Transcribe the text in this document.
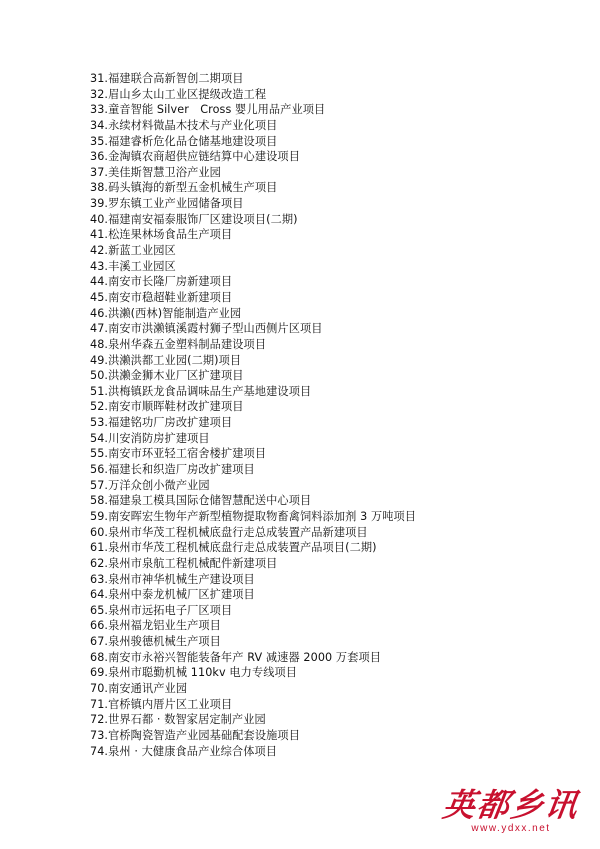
31.福建联合高新智创二期项目
32.眉山乡太山工业区提级改造工程
33.童音智能 Silver　Cross 婴儿用品产业项目
34.永续材料微晶木技术与产业化项目
35.福建睿析危化品仓储基地建设项目
36.金淘镇农商超供应链结算中心建设项目
37.美佳斯智慧卫浴产业园
38.码头镇海的新型五金机械生产项目
39.罗东镇工业产业园储备项目
40.福建南安福泰服饰厂区建设项目(二期)
41.松连果林场食品生产项目
42.新蓝工业园区
43.丰溪工业园区
44.南安市长隆厂房新建项目
45.南安市稳超鞋业新建项目
46.洪濑(西林)智能制造产业园
47.南安市洪濑镇溪霞村狮子型山西侧片区项目
48.泉州华森五金塑料制品建设项目
49.洪濑洪都工业园(二期)项目
50.洪濑金狮木业厂区扩建项目
51.洪梅镇跃龙食品调味品生产基地建设项目
52.南安市顺晖鞋材改扩建项目
53.福建铭功厂房改扩建项目
54.川安消防房扩建项目
55.南安市环亚轻工宿舍楼扩建项目
56.福建长和织造厂房改扩建项目
57.万洋众创小微产业园
58.福建泉工模具国际仓储智慧配送中心项目
59.南安晖宏生物年产新型植物提取物畜禽饲料添加剂 3 万吨项目
60.泉州市华茂工程机械底盘行走总成装置产品新建项目
61.泉州市华茂工程机械底盘行走总成装置产品项目(二期)
62.泉州市泉航工程机械配件新建项目
63.泉州市神华机械生产建设项目
64.泉州中泰龙机械厂区扩建项目
65.泉州市远拓电子厂区项目
66.泉州福龙铝业生产项目
67.泉州骏德机械生产项目
68.南安市永裕兴智能装备年产 RV 减速器 2000 万套项目
69.泉州市聪勤机械 110kv 电力专线项目
70.南安通讯产业园
71.官桥镇内厝片区工业项目
72.世界石都 · 数智家居定制产业园
73.官桥陶瓷智造产业园基础配套设施项目
74.泉州 · 大健康食品产业综合体项目
英都乡讯
www.ydxx.net
